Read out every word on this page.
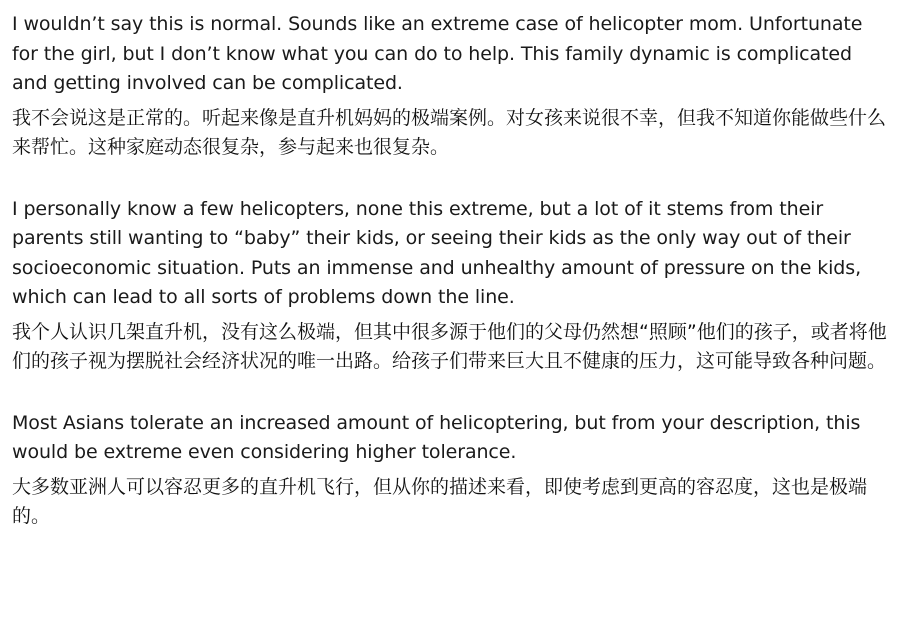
I wouldn’t say this is normal. Sounds like an extreme case of helicopter mom. Unfortunate for the girl, but I don’t know what you can do to help. This family dynamic is complicated and getting involved can be complicated.

我不会说这是正常的。听起来像是直升机妈妈的极端案例。对女孩来说很不幸，但我不知道你能做些什么来帮忙。这种家庭动态很复杂，参与起来也很复杂。

I personally know a few helicopters, none this extreme, but a lot of it stems from their parents still wanting to “baby” their kids, or seeing their kids as the only way out of their socioeconomic situation. Puts an immense and unhealthy amount of pressure on the kids, which can lead to all sorts of problems down the line.

我个人认识几架直升机，没有这么极端，但其中很多源于他们的父母仍然想“照顾”他们的孩子，或者将他们的孩子视为摆脱社会经济状况的唯一出路。给孩子们带来巨大且不健康的压力，这可能导致各种问题。

Most Asians tolerate an increased amount of helicoptering, but from your description, this would be extreme even considering higher tolerance.

大多数亚洲人可以容忍更多的直升机飞行，但从你的描述来看，即使考虑到更高的容忍度，这也是极端的。
